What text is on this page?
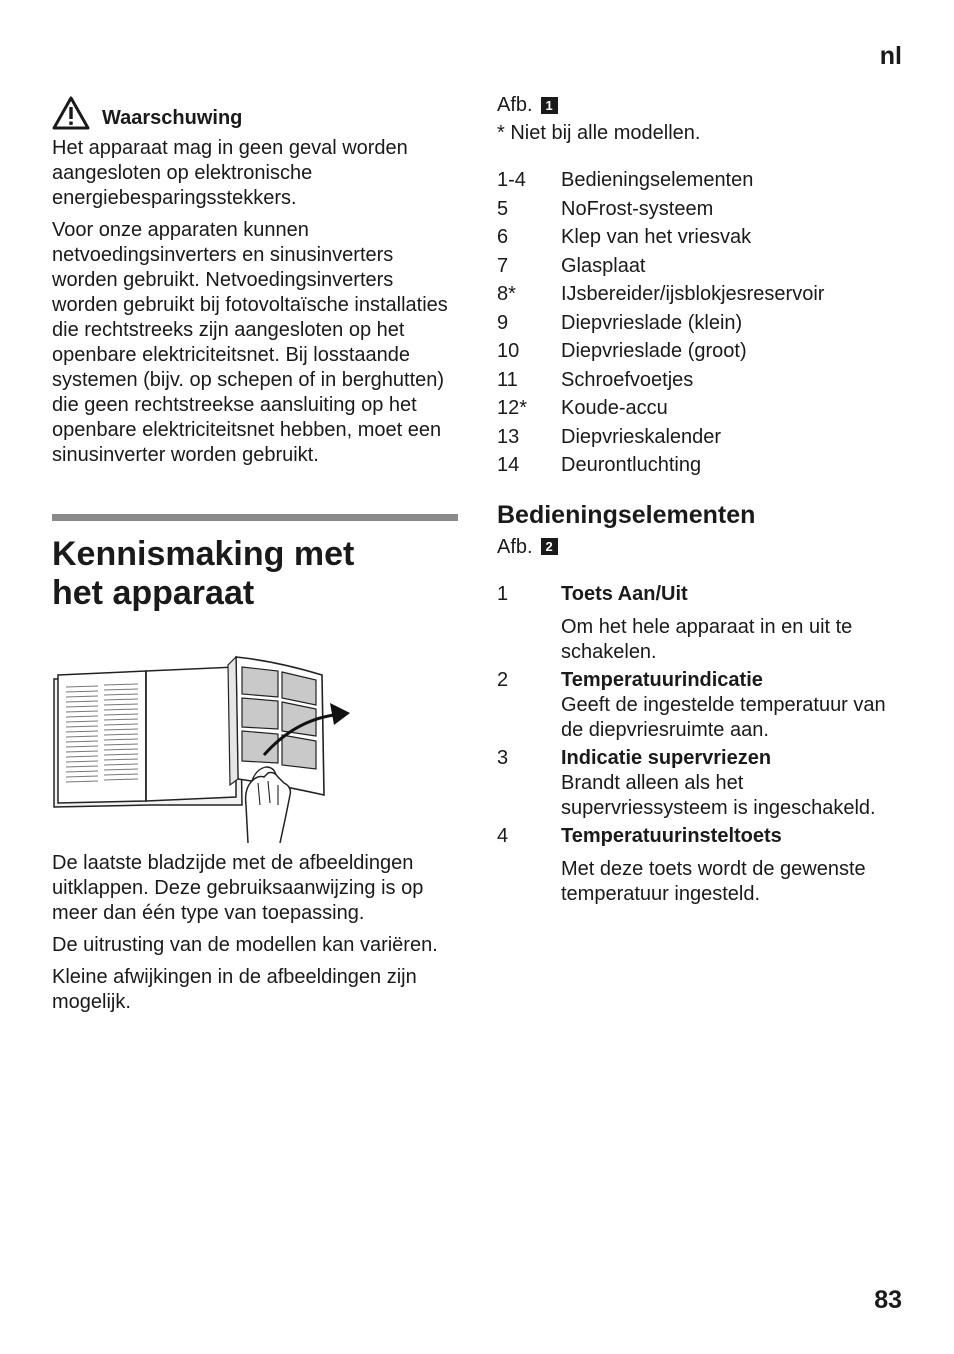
nl
Waarschuwing

Het apparaat mag in geen geval worden aangesloten op elektronische energiebesparingsstekkers.

Voor onze apparaten kunnen netvoedingsinverters en sinusinverters worden gebruikt. Netvoedingsinverters worden gebruikt bij fotovoltaïsche installaties die rechtstreeks zijn aangesloten op het openbare elektriciteitsnet. Bij losstaande systemen (bijv. op schepen of in berghutten) die geen rechtstreekse aansluiting op het openbare elektriciteitsnet hebben, moet een sinusinverter worden gebruikt.

Kennismaking met
het apparaat

De laatste bladzijde met de afbeeldingen uitklappen. Deze gebruiksaanwijzing is op meer dan één type van toepassing.

De uitrusting van de modellen kan variëren.

Kleine afwijkingen in de afbeeldingen zijn mogelijk.

Afb. 1

* Niet bij alle modellen.

1-4	Bedieningselementen
5	NoFrost-systeem
6	Klep van het vriesvak
7	Glasplaat
8*	IJsbereider/ijsblokjesreservoir
9	Diepvrieslade (klein)
10	Diepvrieslade (groot)
11	Schroefvoetjes
12*	Koude-accu
13	Diepvrieskalender
14	Deurontluchting
Bedieningselementen
Afb. 2
1	Toets Aan/Uit
Om het hele apparaat in en uit te schakelen.
2	Temperatuurindicatie
Geeft de ingestelde temperatuur van de diepvriesruimte aan.
3	Indicatie supervriezen
Brandt alleen als het supervriessysteem is ingeschakeld.
4	Temperatuurinsteltoets
Met deze toets wordt de gewenste temperatuur ingesteld.
83
